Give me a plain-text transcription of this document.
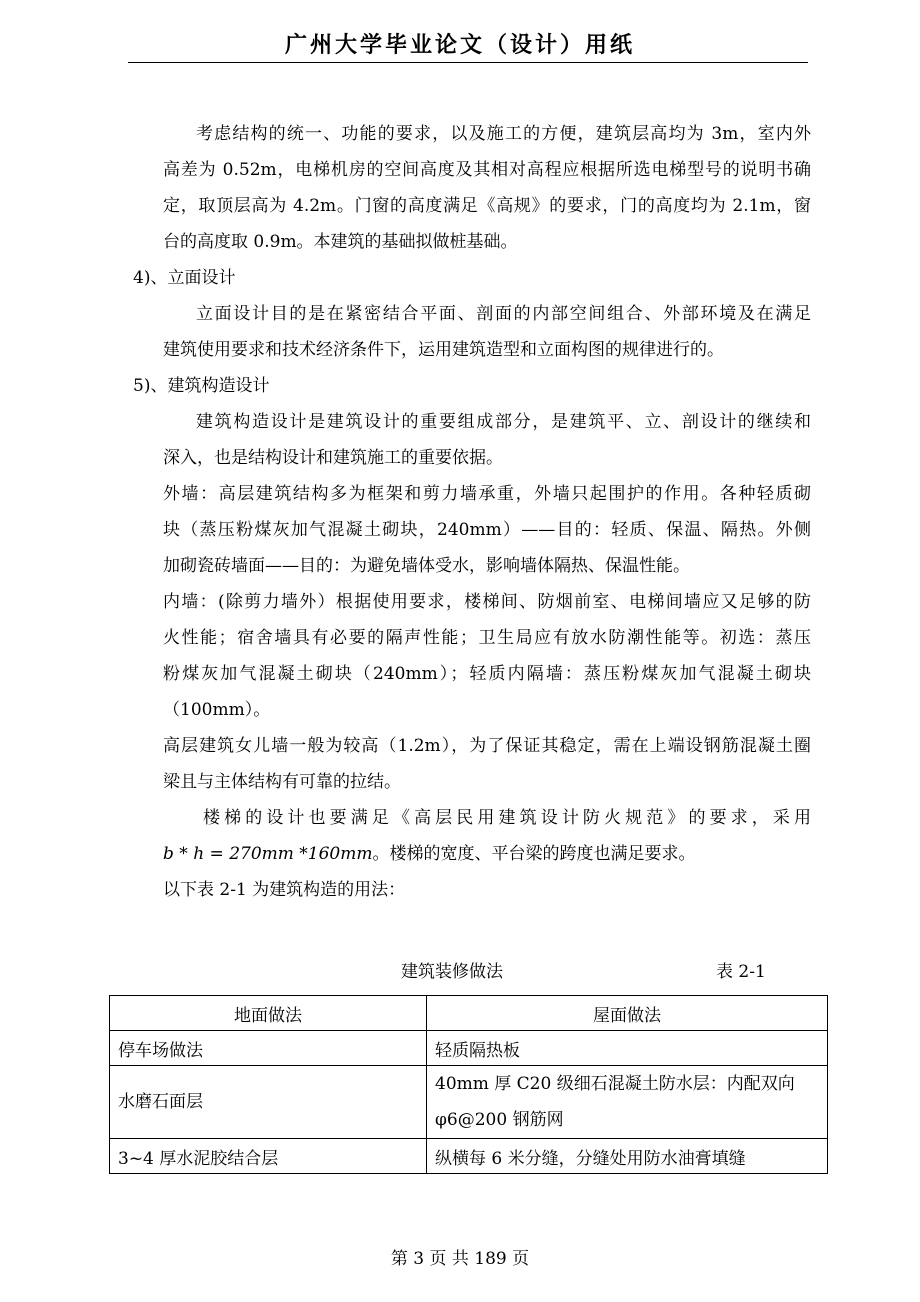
广州大学毕业论文（设计）用纸
考虑结构的统一、功能的要求，以及施工的方便，建筑层高均为 3m，室内外
高差为 0.52m，电梯机房的空间高度及其相对高程应根据所选电梯型号的说明书确
定，取顶层高为 4.2m。门窗的高度满足《高规》的要求，门的高度均为 2.1m，窗
台的高度取 0.9m。本建筑的基础拟做桩基础。
4)、立面设计
立面设计目的是在紧密结合平面、剖面的内部空间组合、外部环境及在满足
建筑使用要求和技术经济条件下，运用建筑造型和立面构图的规律进行的。
5)、建筑构造设计
建筑构造设计是建筑设计的重要组成部分，是建筑平、立、剖设计的继续和
深入，也是结构设计和建筑施工的重要依据。
外墙：高层建筑结构多为框架和剪力墙承重，外墙只起围护的作用。各种轻质砌
块（蒸压粉煤灰加气混凝土砌块，240mm）——目的：轻质、保温、隔热。外侧
加砌瓷砖墙面——目的：为避免墙体受水，影响墙体隔热、保温性能。
内墙：(除剪力墙外）根据使用要求，楼梯间、防烟前室、电梯间墙应又足够的防
火性能；宿舍墙具有必要的隔声性能；卫生局应有放水防潮性能等。初选：蒸压
粉煤灰加气混凝土砌块（240mm）；轻质内隔墙：蒸压粉煤灰加气混凝土砌块
（100mm）。
高层建筑女儿墙一般为较高（1.2m），为了保证其稳定，需在上端设钢筋混凝土圈
梁且与主体结构有可靠的拉结。
楼梯的设计也要满足《高层民用建筑设计防火规范》的要求，采用
b * h = 270mm *160mm。楼梯的宽度、平台梁的跨度也满足要求。
以下表 2-1 为建筑构造的用法：
建筑装修做法	表 2-1
地面做法	屋面做法
停车场做法	轻质隔热板
水磨石面层	40mm 厚 C20 级细石混凝土防水层：内配双向φ6@200 钢筋网
3~4 厚水泥胶结合层	纵横每 6 米分缝，分缝处用防水油膏填缝
第 3 页 共 189 页
